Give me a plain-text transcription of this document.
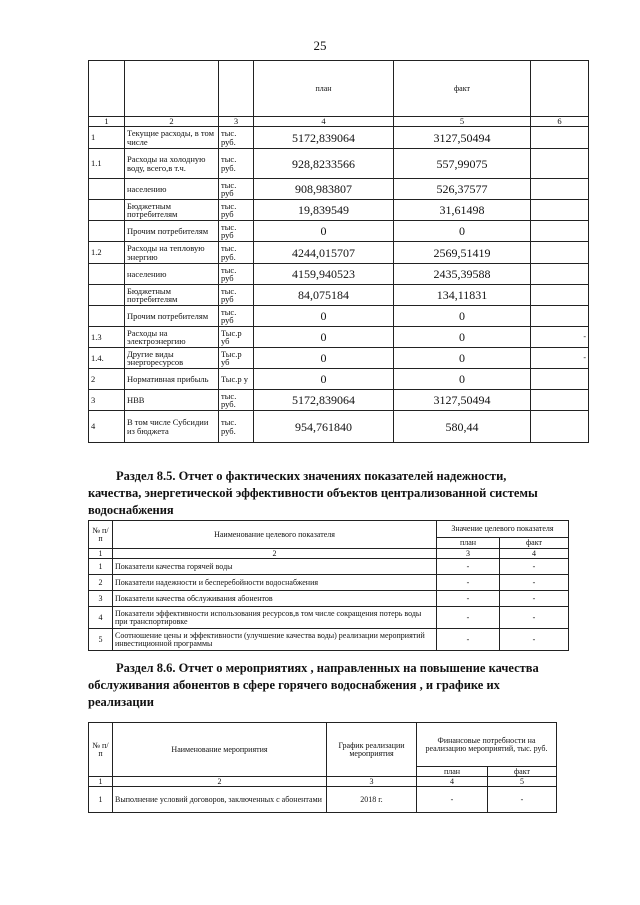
25
			план	факт	
1	2	3	4	5	6
1	Текущие расходы, в том числе	тыс. руб.	5172,839064	3127,50494	
1.1	Расходы на холодную воду, всего,в т.ч.	тыс. руб.	928,8233566	557,99075	
	населению	тыс. руб	908,983807	526,37577	
	Бюджетным потребителям	тыс. руб	19,839549	31,61498	
	Прочим потребителям	тыс. руб	0	0	
1.2	Расходы на тепловую энергию	тыс. руб.	4244,015707	2569,51419	
	населению	тыс. руб	4159,940523	2435,39588	
	Бюджетным потребителям	тыс. руб	84,075184	134,11831	
	Прочим потребителям	тыс. руб	0	0	
1.3	Расходы на электроэнергию	Тыс.р уб	0	0	-
1.4.	Другие виды энергоресурсов	Тыс.р уб	0	0	-
2	Нормативная прибыль	Тыс.р у	0	0	
3	НВВ	тыс. руб.	5172,839064	3127,50494	
4	В том числе Субсидии из бюджета	тыс. руб.	954,761840	580,44	
Раздел 8.5. Отчет о фактических значениях показателей надежности,
качества, энергетической эффективности объектов централизованной системы
водоснабжения
№ п/п	Наименование целевого показателя	Значение целевого показателя	
		план	факт
1	2	3	4
1	Показатели качества горячей воды	-	-
2	Показатели надежности и бесперебойности водоснабжения	-	-
3	Показатели качества обслуживания абонентов	-	-
4	Показатели эффективности использования ресурсов,в том числе сокращения потерь воды при транспортировке	-	-
5	Соотношение цены и эффективности (улучшение качества воды) реализации мероприятий инвестиционной программы	-	-
Раздел 8.6. Отчет о мероприятиях , направленных на повышение качества
обслуживания абонентов в сфере горячего водоснабжения , и графике их
реализации
№ п/п	Наименование мероприятия	График реализации мероприятия	Финансовые потребности на реализацию мероприятий, тыс. руб.	
			план	факт
1	2	3	4	5
1	Выполнение условий договоров, заключенных с абонентами	2018 г.	-	-
